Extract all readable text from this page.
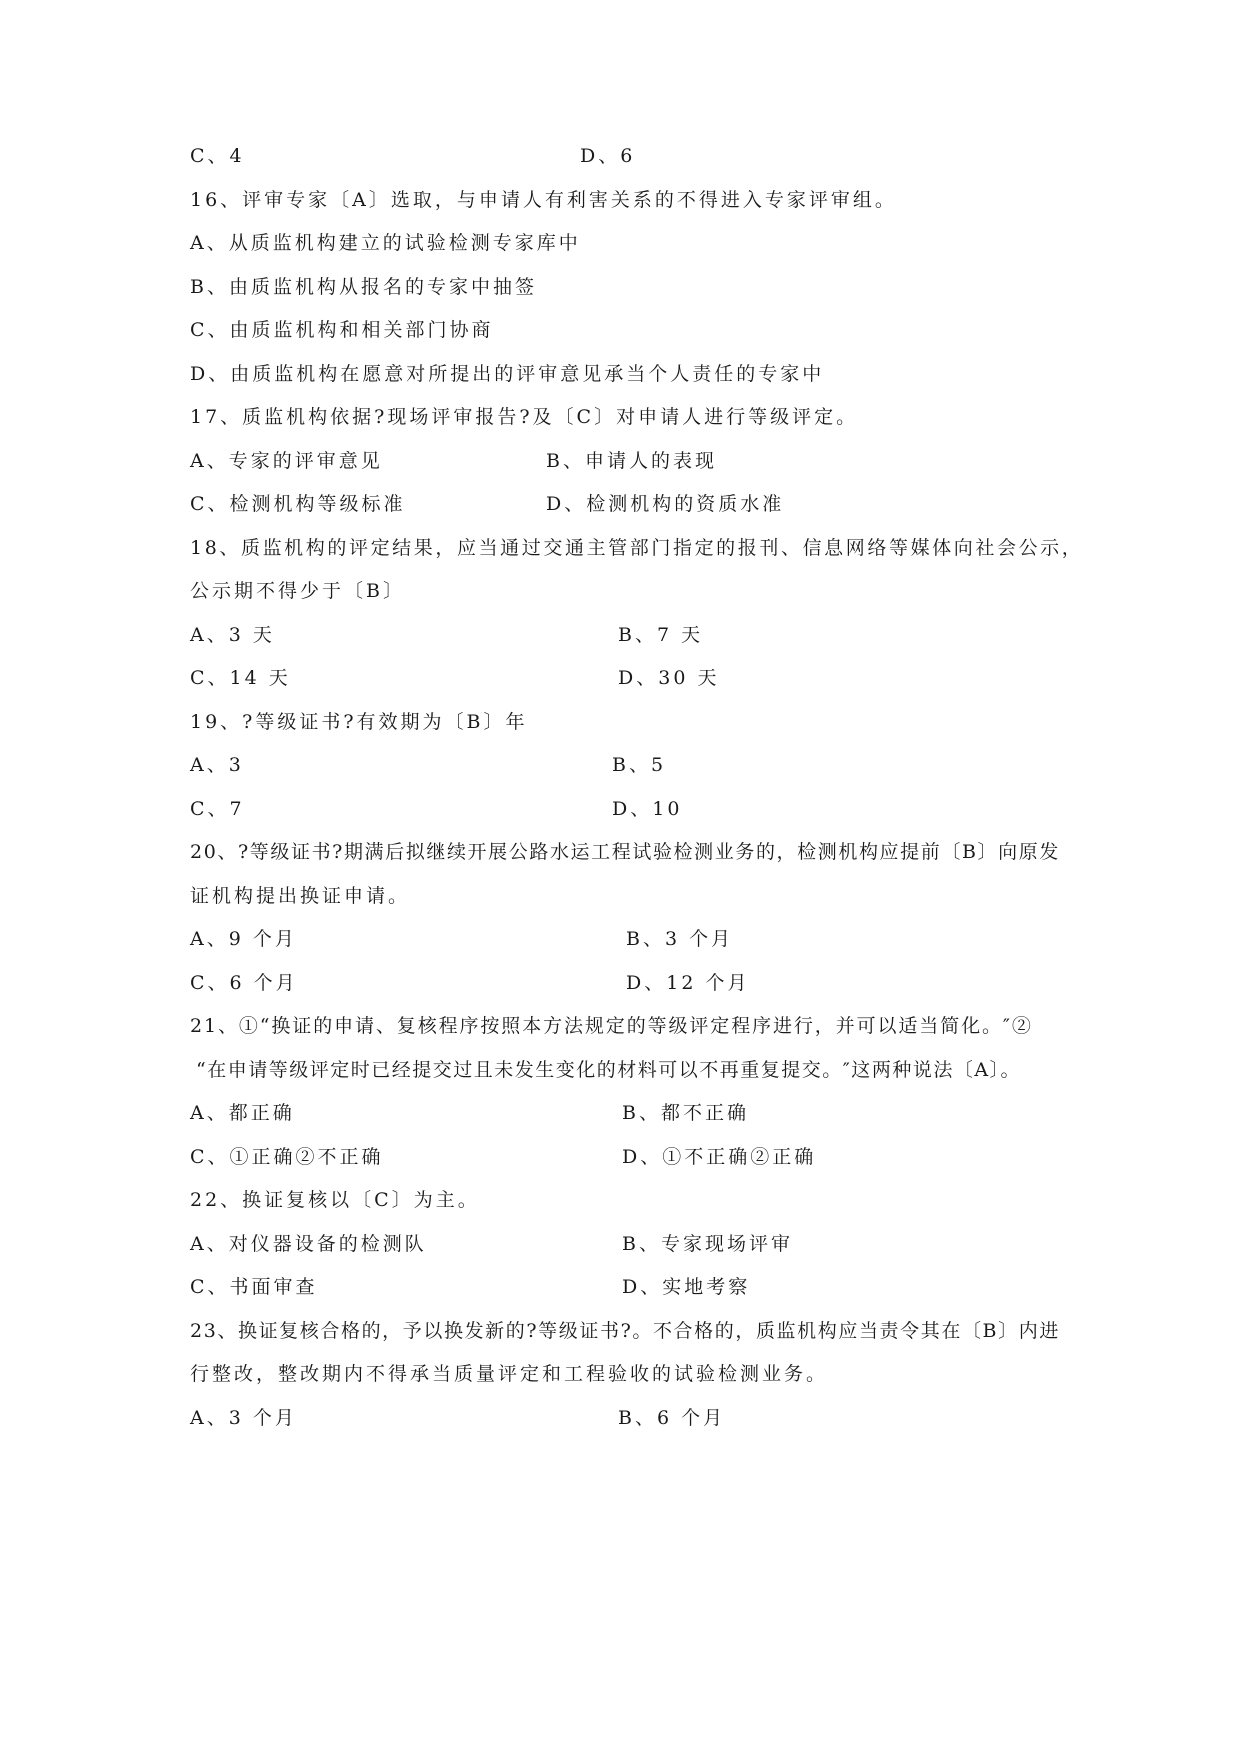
C、4	D、6
16、评审专家〔A〕选取，与申请人有利害关系的不得进入专家评审组。
A、从质监机构建立的试验检测专家库中
B、由质监机构从报名的专家中抽签
C、由质监机构和相关部门协商
D、由质监机构在愿意对所提出的评审意见承当个人责任的专家中
17、质监机构依据?现场评审报告?及〔C〕对申请人进行等级评定。
A、专家的评审意见	B、申请人的表现
C、检测机构等级标准	D、检测机构的资质水准
18、质监机构的评定结果，应当通过交通主管部门指定的报刊、信息网络等媒体向社会公示，
公示期不得少于〔B〕
A、3 天	B、7 天
C、14 天	D、30 天
19、?等级证书?有效期为〔B〕年
A、3	B、5
C、7	D、10
20、?等级证书?期满后拟继续开展公路水运工程试验检测业务的，检测机构应提前〔B〕向原发
证机构提出换证申请。
A、9 个月	B、3 个月
C、6 个月	D、12 个月
21、①“换证的申请、复核程序按照本方法规定的等级评定程序进行，并可以适当简化。″②
“在申请等级评定时已经提交过且未发生变化的材料可以不再重复提交。″这两种说法〔A〕。
A、都正确	B、都不正确
C、①正确②不正确	D、①不正确②正确
22、换证复核以〔C〕为主。
A、对仪器设备的检测队	B、专家现场评审
C、书面审查	D、实地考察
23、换证复核合格的，予以换发新的?等级证书?。不合格的，质监机构应当责令其在〔B〕内进
行整改，整改期内不得承当质量评定和工程验收的试验检测业务。
A、3 个月	B、6 个月
